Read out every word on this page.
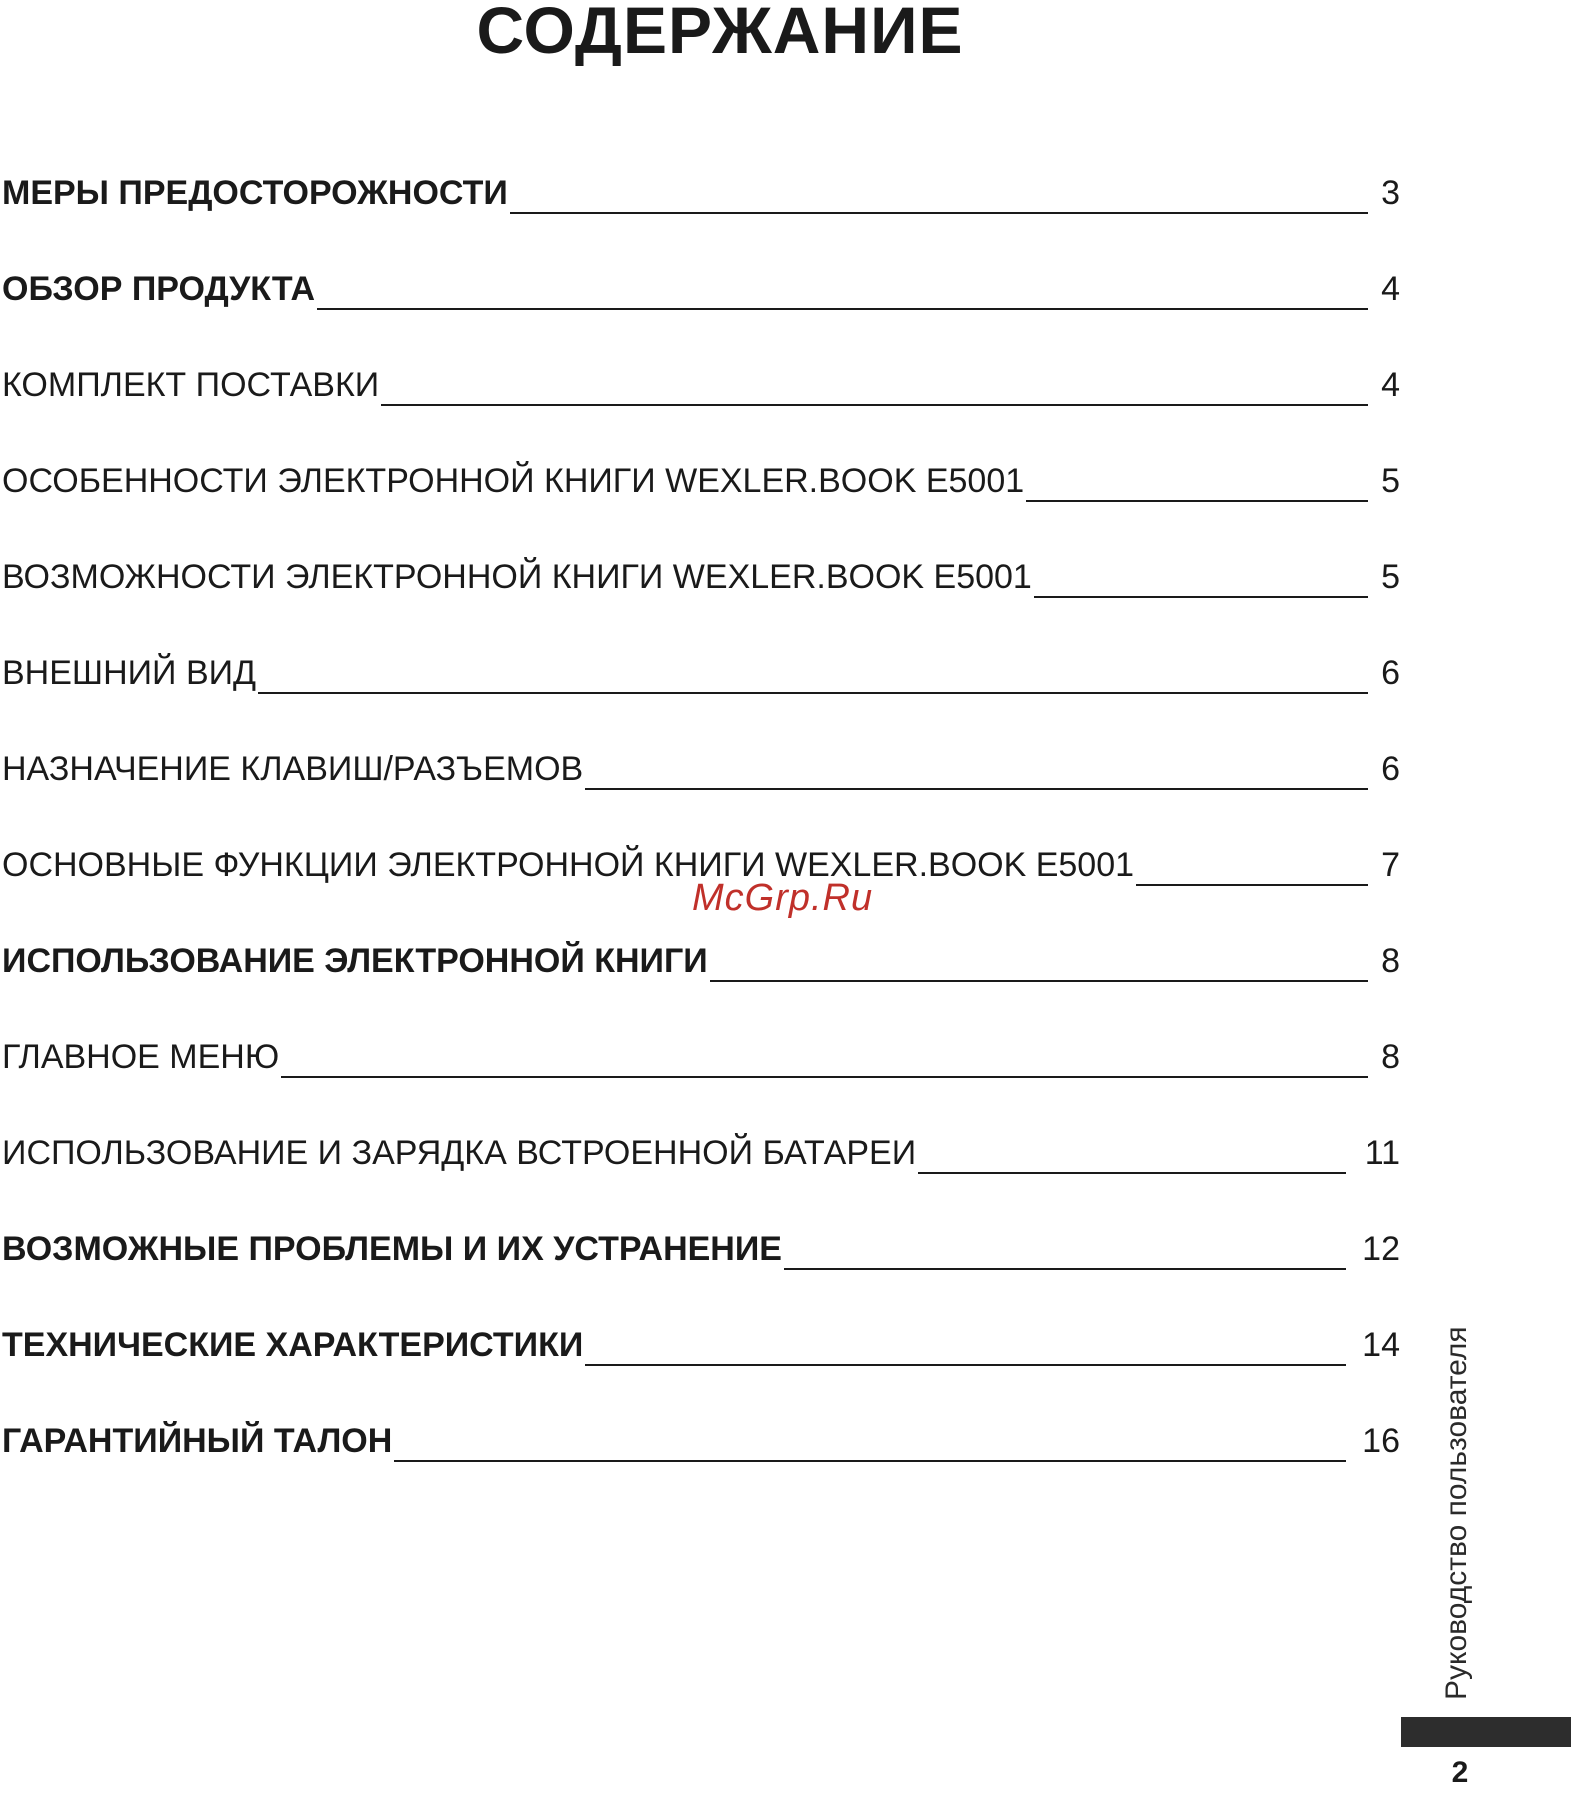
СОДЕРЖАНИЕ
МЕРЫ ПРЕДОСТОРОЖНОСТИ	3
ОБЗОР ПРОДУКТА	4
КОМПЛЕКТ ПОСТАВКИ	4
ОСОБЕННОСТИ ЭЛЕКТРОННОЙ КНИГИ WEXLER.BOOK E5001	5
ВОЗМОЖНОСТИ ЭЛЕКТРОННОЙ КНИГИ WEXLER.BOOK E5001	5
ВНЕШНИЙ ВИД	6
НАЗНАЧЕНИЕ КЛАВИШ/РАЗЪЕМОВ	6
ОСНОВНЫЕ ФУНКЦИИ ЭЛЕКТРОННОЙ КНИГИ WEXLER.BOOK E5001	7
ИСПОЛЬЗОВАНИЕ ЭЛЕКТРОННОЙ КНИГИ	8
ГЛАВНОЕ МЕНЮ	8
ИСПОЛЬЗОВАНИЕ И ЗАРЯДКА ВСТРОЕННОЙ БАТАРЕИ	11
ВОЗМОЖНЫЕ ПРОБЛЕМЫ И ИХ УСТРАНЕНИЕ	12
ТЕХНИЧЕСКИЕ ХАРАКТЕРИСТИКИ	14
ГАРАНТИЙНЫЙ ТАЛОН	16
McGrp.Ru
Руководство пользователя
2
